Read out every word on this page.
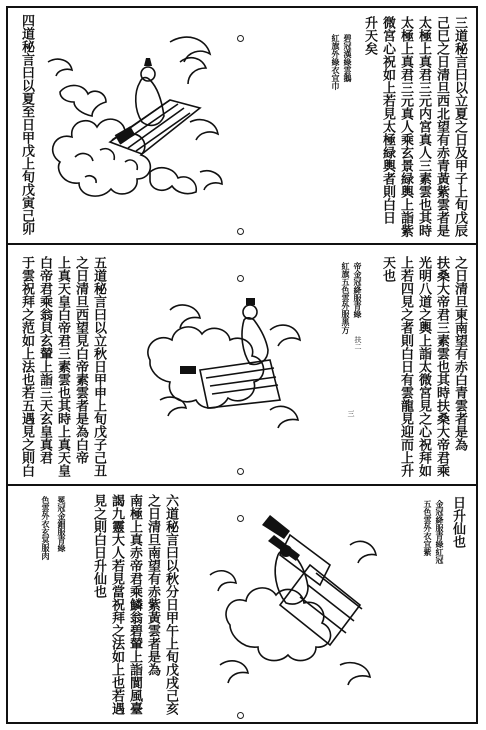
三道秘言曰以立夏之日及甲子上旬戊辰
己巳之日清旦西北望有赤青黃紫雲者是
太極上真君三元内宮真人三素雲也其時
太極上真君三元真人乘玄景緑輿上詣紫
微宮心祝如上若見太極緑輿者則白日
升天矣
碧冠漢綠雲鵝
紅旗外綠衣宜巾
四道秘言曰以夏至日甲戊上旬戊寅己卯
之日清旦東南望有赤白青雲者是為
扶桑大帝君三素雲也其時扶桑大帝君乘
光明八道之輿上詣太微宮見之心祝拜如
上若四見之者則白日有雲龍見迎而上升
天也
帝金冠絳服青綠
紅旗五色雲外服黑方
扶二
三
于雲祝拜之范如上法也若五遇見之則白 白帝君乘翁貝玄輦上詣三天玄皇真君 上真天皇白帝君三素雲也其時上真天皇 之日清旦西望見白帝素雲者是為白帝 五道秘言曰以立秋日甲申上旬戊子己丑
日升仙也
金冠絳服青綠紅冠
五色雲外衣宜紫
見之則白日升仙也 謁九靈大人若見當祝拜之法如上也若遇 南極上真赤帝君乘鱗翁碧輦上詣閬風臺 之日清旦南望有赤紫黃雲者是為 六道秘言曰以秋分日甲午上旬戊戌己亥
冕冠金鈿服青綠
色雲外衣玄冥服肉
